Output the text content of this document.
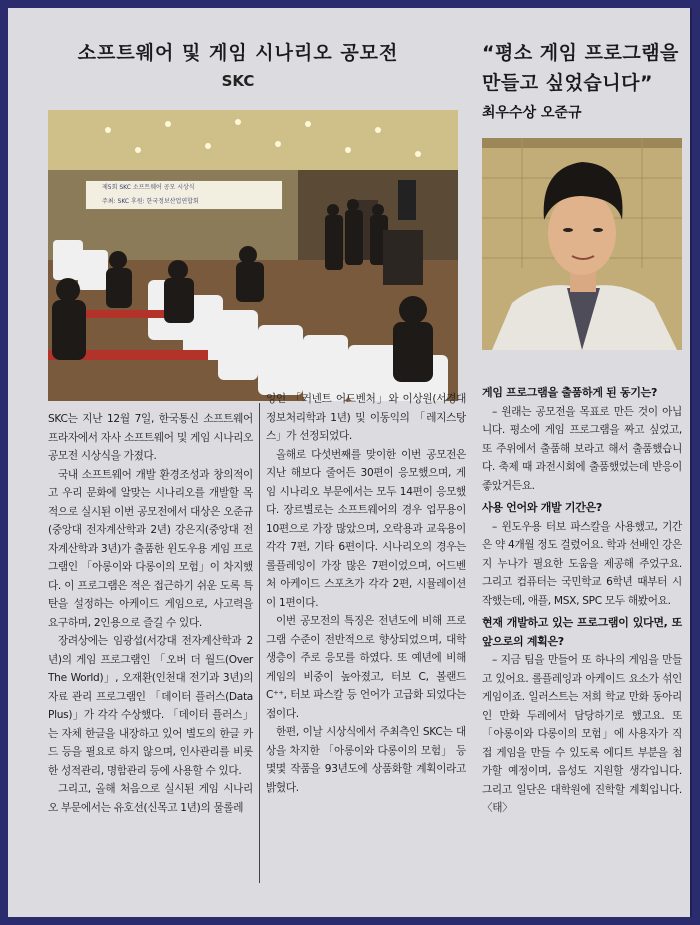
소프트웨어 및 게임 시나리오 공모전
SKC
“평소 게임 프로그램을 만들고 싶었습니다”
최우수상 오준규
제5회 SKC 소프트웨어 공모 시상식
주최: SKC 후원: 한국정보산업연합회

SKC는 지난 12월 7일, 한국통신 소프트웨어 프라자에서 자사 소프트웨어 및 게임 시나리오 공모전 시상식을 가졌다.

국내 소프트웨어 개발 환경조성과 창의적이고 우리 문화에 알맞는 시나리오를 개발할 목적으로 실시된 이번 공모전에서 대상은 오준규(중앙대 전자계산학과 2년) 강은지(중앙대 전자계산학과 3년)가 출품한 윈도우용 게임 프로그램인 「아롱이와 다롱이의 모험」이 차지했다. 이 프로그램은 적은 접근하기 쉬운 도록 특탄을 설정하는 아케이드 게임으로, 사고력을 요구하며, 2인용으로 즐길 수 있다.

장려상에는 임광섭(서강대 전자계산학과 2년)의 게임 프로그램인 「오버 더 월드(Over The World)」, 오재환(인천대 전기과 3년)의 자료 관리 프로그램인 「데이터 플러스(Data Plus)」가 각각 수상했다. 「데이터 플러스」는 자체 한글을 내장하고 있어 별도의 한글 카드 등을 필요로 하지 않으며, 인사관리를 비롯한 성적관리, 명함관리 등에 사용할 수 있다.

그리고, 올해 처음으로 실시된 게임 시나리오 부문에서는 유호선(신목고 1년)의 물롤레

잉인 「커넨트 어드벤처」와 이상원(서경대 정보처리학과 1년) 및 이동익의 「레지스탕스」가 선정되었다.

올해로 다섯번째를 맞이한 이번 공모전은 지난 해보다 줄어든 30편이 응모했으며, 게임 시나리오 부문에서는 모두 14편이 응모했다. 장르별로는 소프트웨어의 경우 업무용이 10편으로 가장 많았으며, 오락용과 교육용이 각각 7편, 기타 6편이다. 시나리오의 경우는 롤플레잉이 가장 많은 7편이었으며, 어드벤처 아케이드 스포츠가 각각 2편, 시뮬레이션이 1편이다.

이번 공모전의 특징은 전년도에 비해 프로그램 수준이 전반적으로 향상되었으며, 대학생층이 주로 응모를 하였다. 또 예년에 비해 게임의 비중이 높아졌고, 터보 C, 볼랜드 C⁺⁺, 터보 파스칼 등 언어가 고급화 되었다는 점이다.

한편, 이날 시상식에서 주최측인 SKC는 대상을 차지한 「아롱이와 다롱이의 모험」 등 몇몇 작품을 93년도에 상품화할 계획이라고 밝혔다.

게임 프로그램을 출품하게 된 동기는?

– 원래는 공모전을 목표로 만든 것이 아닙니다. 평소에 게임 프로그램을 짜고 싶었고, 또 주위에서 출품해 보라고 해서 출품했습니다. 축제 때 과전시회에 출품했었는데 반응이 좋았거든요.

사용 언어와 개발 기간은?

– 윈도우용 터보 파스칼을 사용했고, 기간은 약 4개월 정도 걸렸어요. 학과 선배인 강은지 누나가 필요한 도움을 제공해 주었구요. 그리고 컴퓨터는 국민학교 6학년 때부터 시작했는데, 애플, MSX, SPC 모두 해봤어요.

현재 개발하고 있는 프로그램이 있다면, 또 앞으로의 계획은?

– 지금 팀을 만들어 또 하나의 게임을 만들고 있어요. 롤플레잉과 아케이드 요소가 섞인 게임이죠. 일러스트는 저희 학교 만화 동아리인 만화 두레에서 담당하기로 했고요. 또 「아롱이와 다롱이의 모험」에 사용자가 직접 게임을 만들 수 있도록 에디트 부분을 첨가할 예정이며, 음성도 지원할 생각입니다. 그리고 일단은 대학원에 진학할 계획입니다.〈태〉
